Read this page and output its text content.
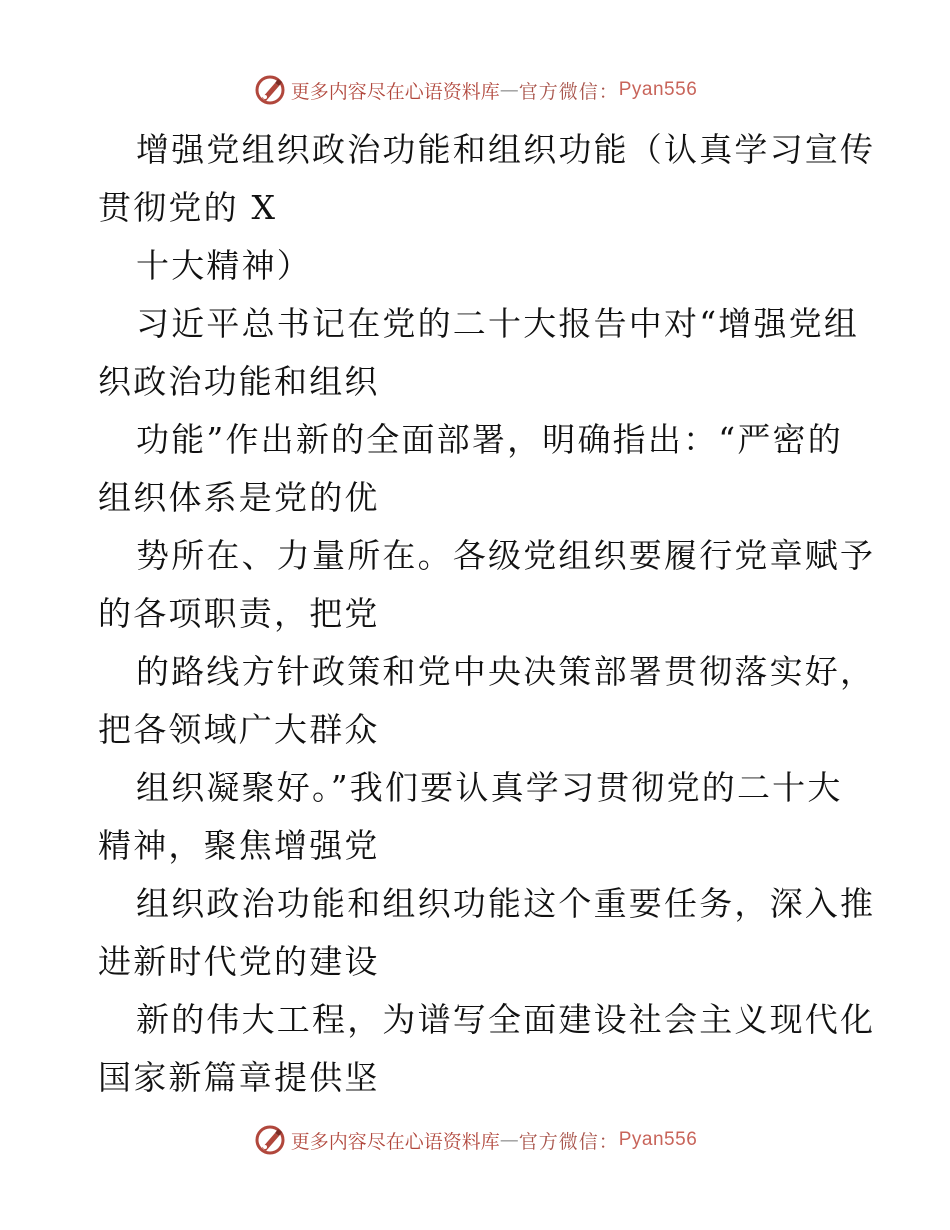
更多内容尽在心语资料库 — 官方微信： Pyan556
增强党组织政治功能和组织功能（认真学习宣传
贯彻党的 X
十大精神）
习近平总书记在党的二十大报告中对“增强党组
织政治功能和组织
功能”作出新的全面部署，明确指出：“严密的
组织体系是党的优
势所在、力量所在。各级党组织要履行党章赋予
的各项职责，把党
的路线方针政策和党中央决策部署贯彻落实好，
把各领域广大群众
组织凝聚好。”我们要认真学习贯彻党的二十大
精神，聚焦增强党
组织政治功能和组织功能这个重要任务，深入推
进新时代党的建设
新的伟大工程，为谱写全面建设社会主义现代化
国家新篇章提供坚
更多内容尽在心语资料库 — 官方微信： Pyan556
